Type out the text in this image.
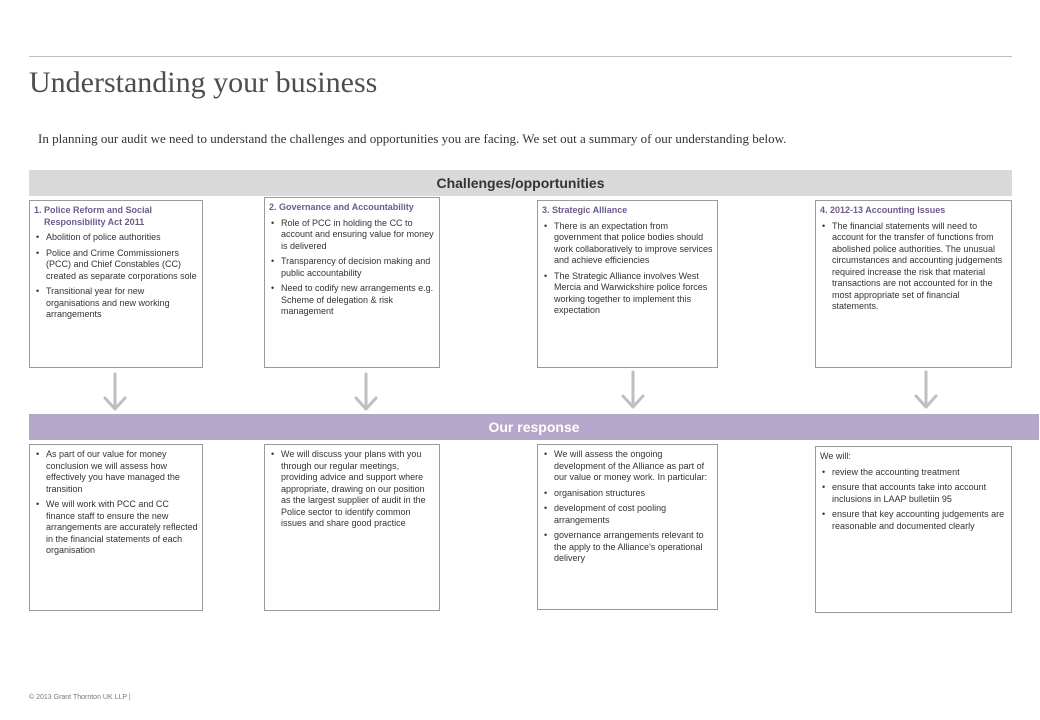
Understanding your business

In planning our audit we need to understand the challenges and opportunities you are facing. We set out a summary of our understanding below.

Challenges/opportunities
1. Police Reform and Social Responsibility Act 2011
• Abolition of police authorities
• Police and Crime Commissioners (PCC) and Chief Constables (CC) created as separate corporations sole
• Transitional year for new organisations and new working arrangements
2. Governance and Accountability
• Role of PCC in holding the CC to account and ensuring value for money is delivered
• Transparency of decision making and public accountability
• Need to codify new arrangements e.g. Scheme of delegation & risk management
3. Strategic Alliance
• There is an expectation from government that police bodies should work collaboratively to improve services and achieve efficiencies
• The Strategic Alliance involves West Mercia and Warwickshire police forces working together to implement this expectation
4. 2012-13 Accounting Issues
• The financial statements will need to account for the transfer of functions from abolished police authorities. The unusual circumstances and accounting judgements required increase the risk that material transactions are not accounted for in the most appropriate set of financial statements.
Our response
• As part of our value for money conclusion we will assess how effectively you have managed the transition
• We will work with PCC and CC finance staff to ensure the new arrangements are accurately reflected in the financial statements of each organisation
• We will discuss your plans with you through our regular meetings, providing advice and support where appropriate, drawing on our position as the largest supplier of audit in the Police sector to identify common issues and share good practice
• We will assess the ongoing development of the Alliance as part of our value or money work. In particular:
• organisation structures
• development of cost pooling arrangements
• governance arrangements relevant to the apply to the Alliance's operational delivery
We will:
• review the accounting treatment
• ensure that accounts take into account inclusions in LAAP bulletiin 95
• ensure that key accounting judgements are reasonable and documented clearly
© 2013 Grant Thornton UK LLP |
